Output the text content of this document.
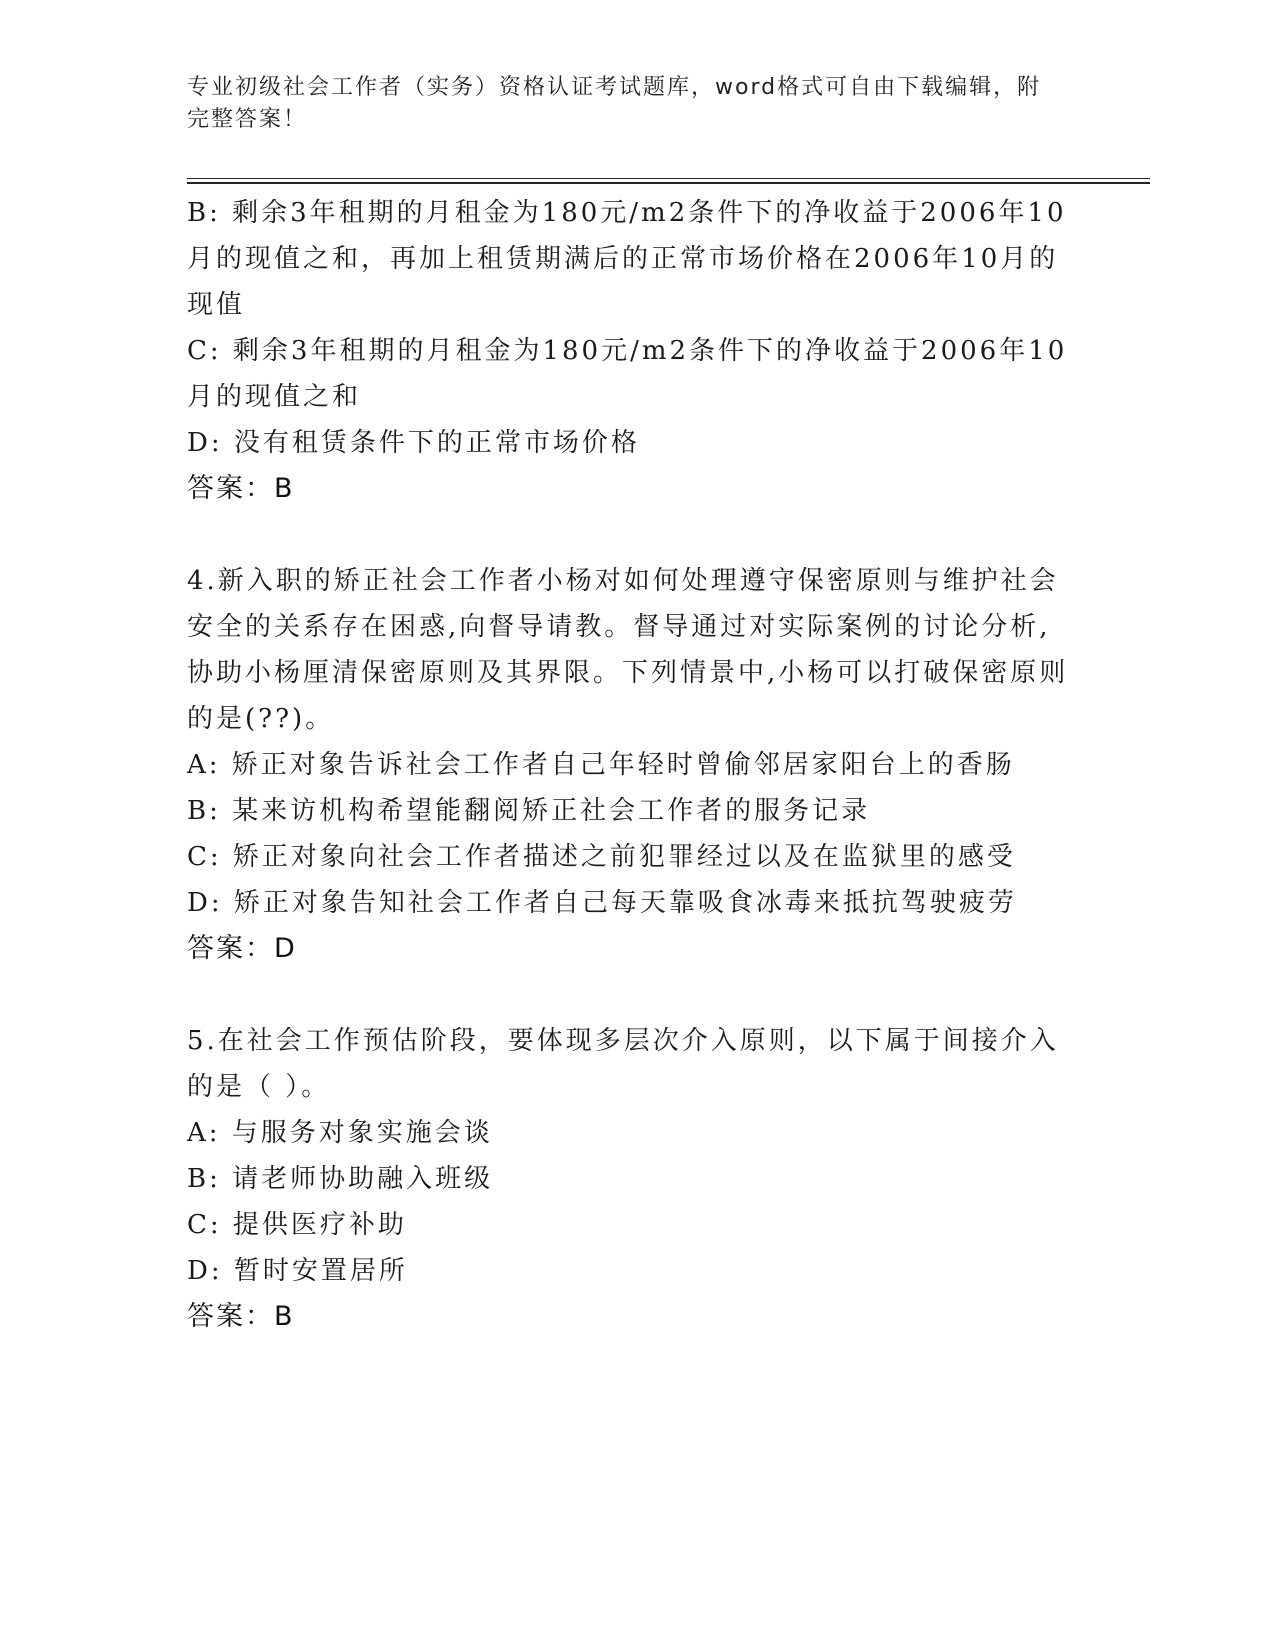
专业初级社会工作者（实务）资格认证考试题库，word格式可自由下载编辑，附
完整答案！
B: 剩余3年租期的月租金为180元/m2条件下的净收益于2006年10
月的现值之和，再加上租赁期满后的正常市场价格在2006年10月的
现值
C: 剩余3年租期的月租金为180元/m2条件下的净收益于2006年10
月的现值之和
D: 没有租赁条件下的正常市场价格
答案：B
4.新入职的矫正社会工作者小杨对如何处理遵守保密原则与维护社会
安全的关系存在困惑,向督导请教。督导通过对实际案例的讨论分析,
协助小杨厘清保密原则及其界限。下列情景中,小杨可以打破保密原则
的是(??)。
A: 矫正对象告诉社会工作者自己年轻时曾偷邻居家阳台上的香肠
B: 某来访机构希望能翻阅矫正社会工作者的服务记录
C: 矫正对象向社会工作者描述之前犯罪经过以及在监狱里的感受
D: 矫正对象告知社会工作者自己每天靠吸食冰毒来抵抗驾驶疲劳
答案：D
5.在社会工作预估阶段，要体现多层次介入原则，以下属于间接介入
的是（ ）。
A: 与服务对象实施会谈
B: 请老师协助融入班级
C: 提供医疗补助
D: 暂时安置居所
答案：B
